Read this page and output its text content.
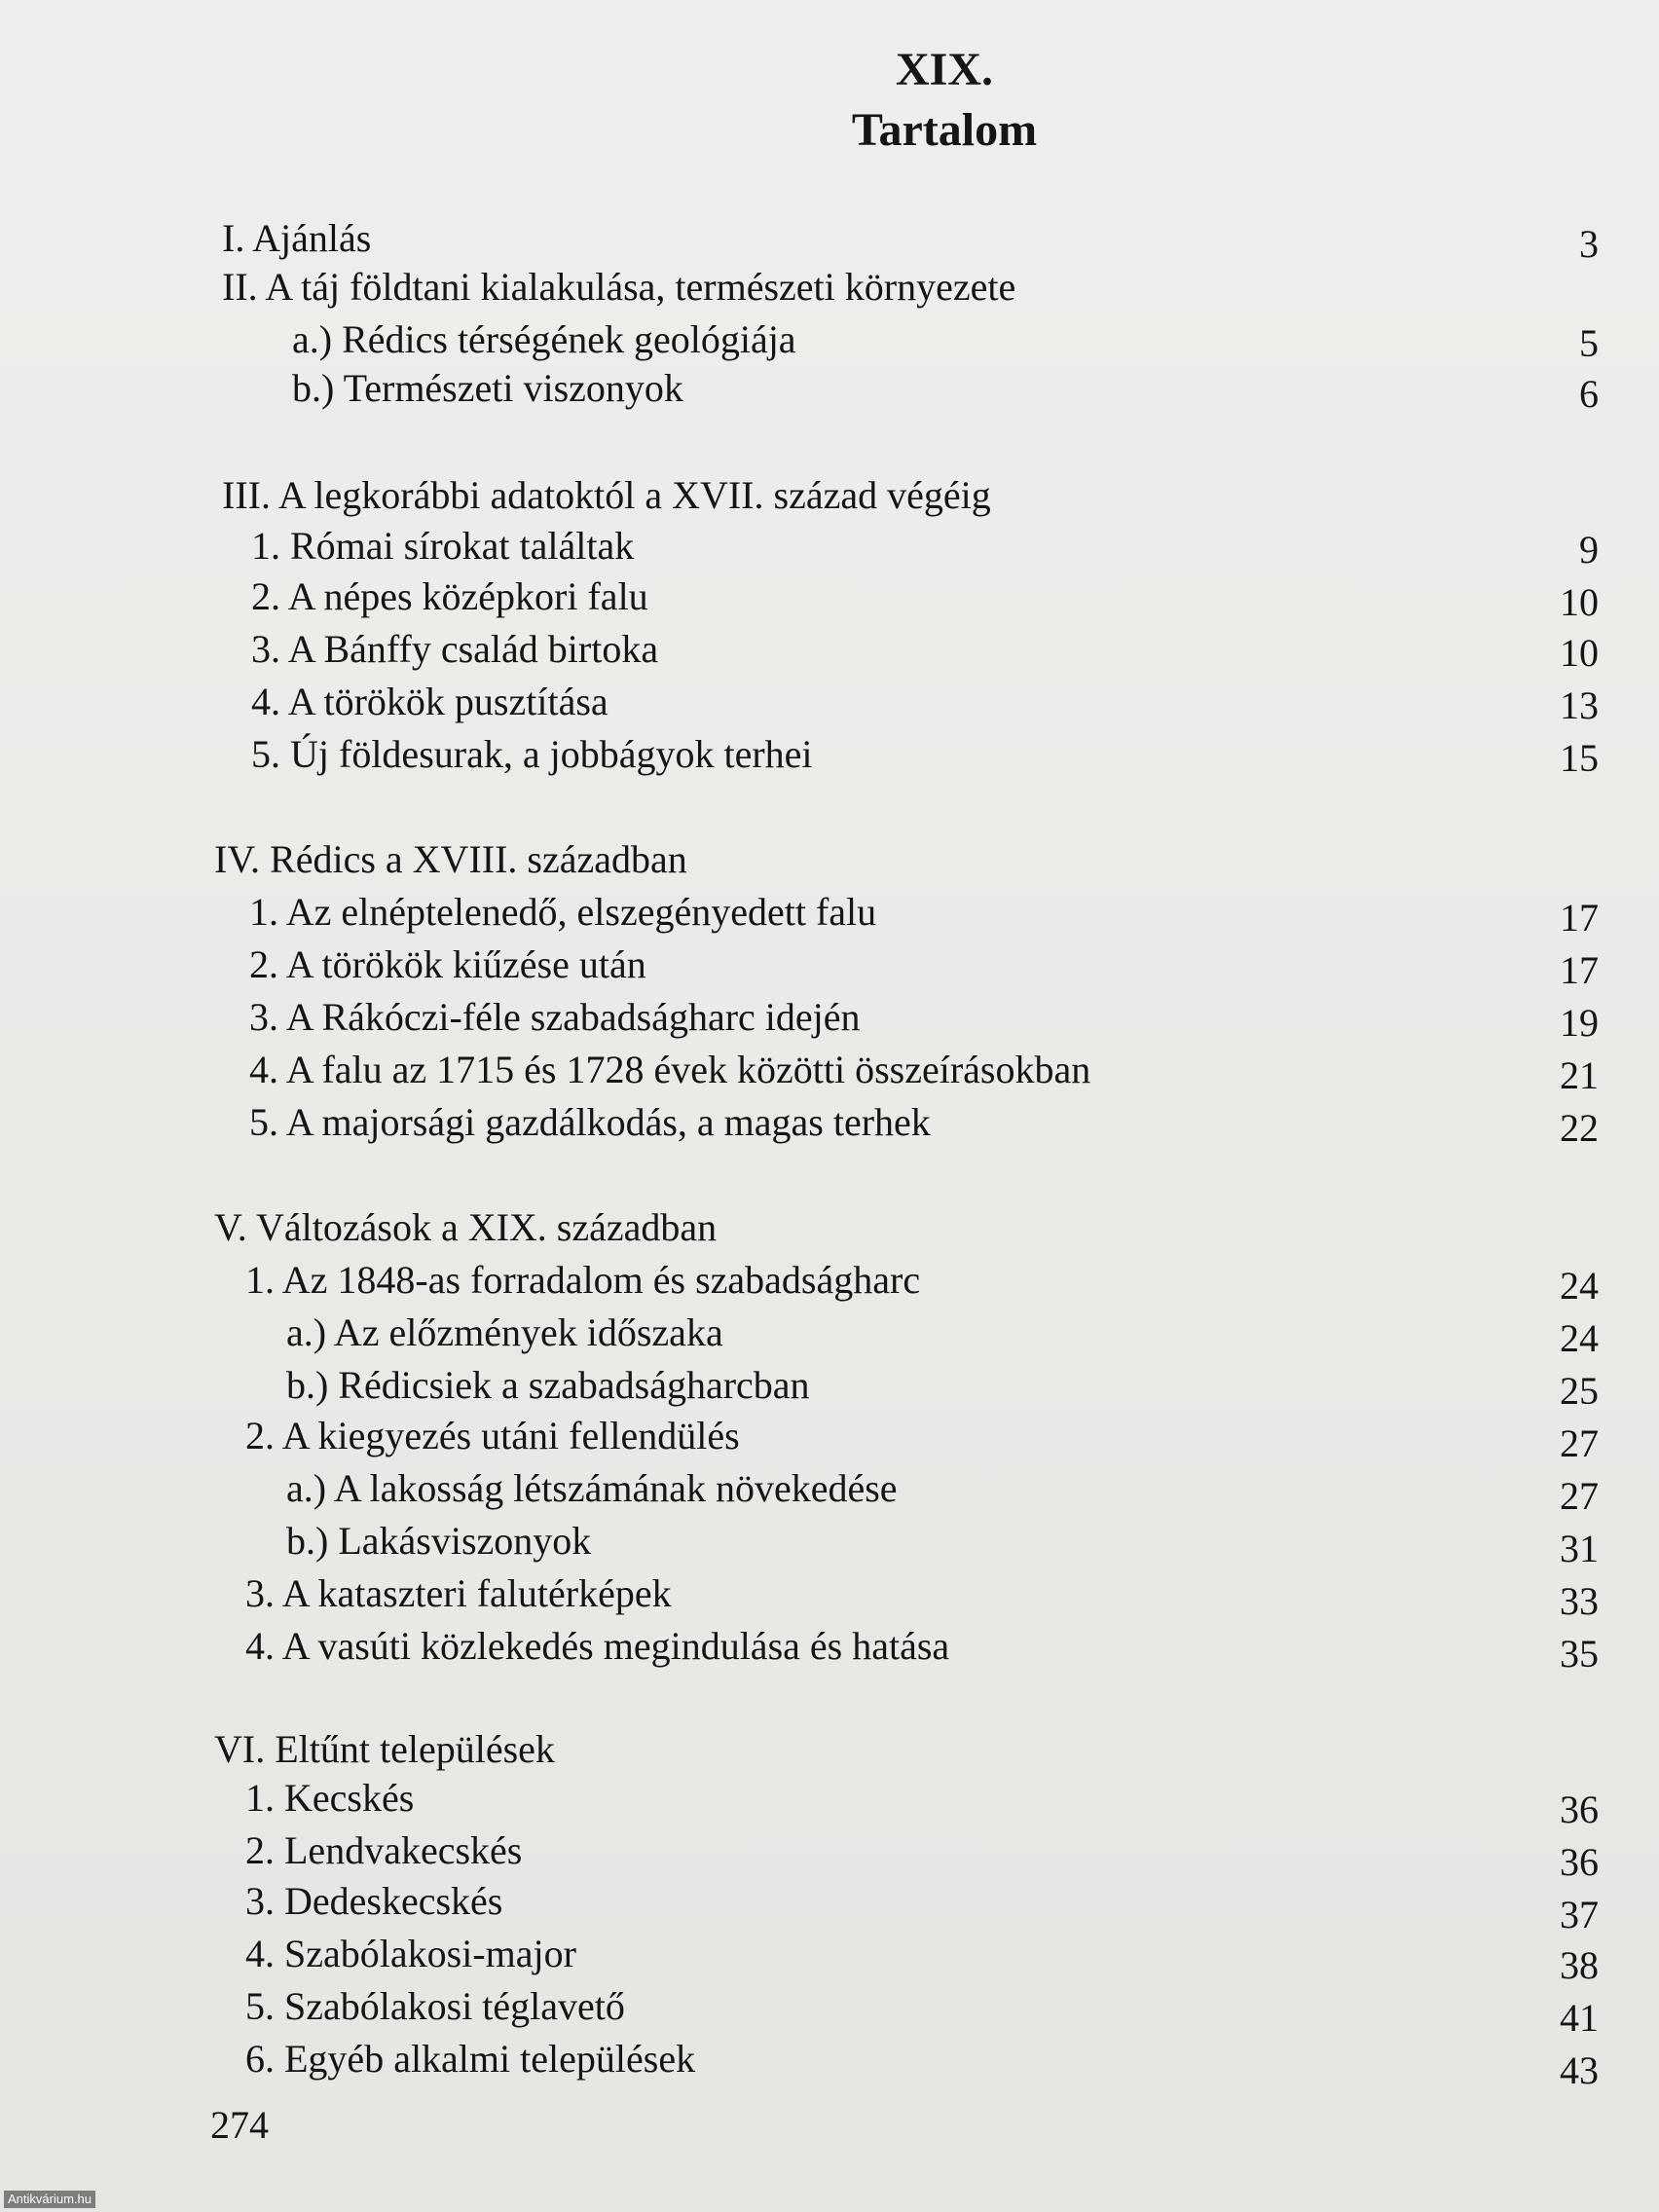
XIX.
Tartalom
I. Ajánlás	3
II. A táj földtani kialakulása, természeti környezete
a.) Rédics térségének geológiája	5
b.) Természeti viszonyok	6
III. A legkorábbi adatoktól a XVII. század végéig
1. Római sírokat találtak	9
2. A népes középkori falu	10
3. A Bánffy család birtoka	10
4. A törökök pusztítása	13
5. Új földesurak, a jobbágyok terhei	15
IV. Rédics a XVIII. században
1. Az elnéptelenedő, elszegényedett falu	17
2. A törökök kiűzése után	17
3. A Rákóczi-féle szabadságharc idején	19
4. A falu az 1715 és 1728 évek közötti összeírásokban	21
5. A majorsági gazdálkodás, a magas terhek	22
V. Változások a XIX. században
1. Az 1848-as forradalom és szabadságharc	24
a.) Az előzmények időszaka	24
b.) Rédicsiek a szabadságharcban	25
2. A kiegyezés utáni fellendülés	27
a.) A lakosság létszámának növekedése	27
b.) Lakásviszonyok	31
3. A kataszteri falutérképek	33
4. A vasúti közlekedés megindulása és hatása	35
VI. Eltűnt települések
1. Kecskés	36
2. Lendvakecskés	36
3. Dedeskecskés	37
4. Szabólakosi-major	38
5. Szabólakosi téglavető	41
6. Egyéb alkalmi települések	43
274
Antikvárium.hu
